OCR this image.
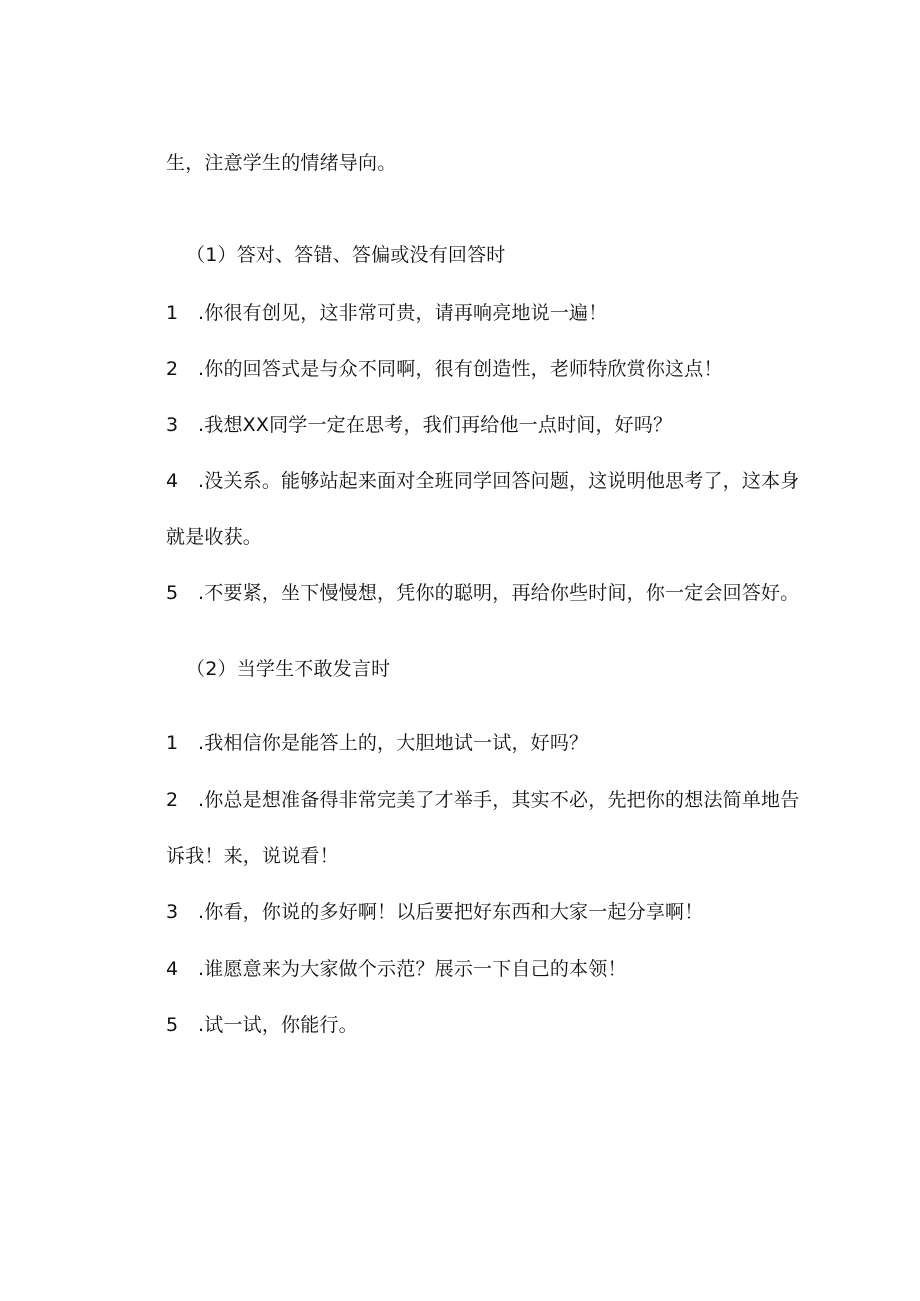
生，注意学生的情绪导向。
（1）答对、答错、答偏或没有回答时
1 .你很有创见，这非常可贵，请再响亮地说一遍！
2 .你的回答式是与众不同啊，很有创造性，老师特欣赏你这点！
3 .我想XX同学一定在思考，我们再给他一点时间，好吗？
4 .没关系。能够站起来面对全班同学回答问题，这说明他思考了，这本身
就是收获。
5 .不要紧，坐下慢慢想，凭你的聪明，再给你些时间，你一定会回答好。
（2）当学生不敢发言时
1 .我相信你是能答上的，大胆地试一试，好吗？
2 .你总是想准备得非常完美了才举手，其实不必，先把你的想法简单地告
诉我！来，说说看！
3 .你看，你说的多好啊！以后要把好东西和大家一起分享啊！
4 .谁愿意来为大家做个示范？展示一下自己的本领！
5 .试一试，你能行。
